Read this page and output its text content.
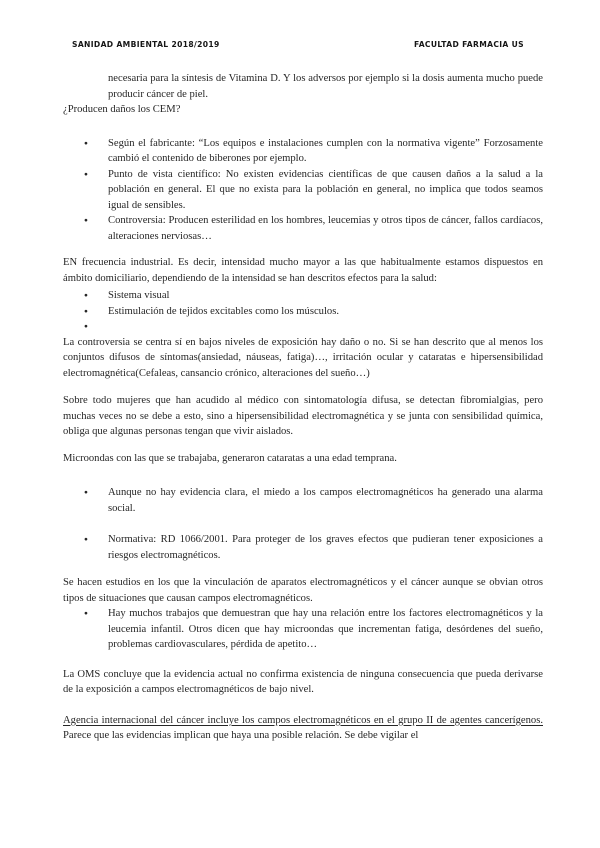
SANIDAD AMBIENTAL 2018/2019	FACULTAD FARMACIA US

necesaria para la síntesis de Vitamina D. Y los adversos por ejemplo si la dosis aumenta mucho puede producir cáncer de piel.

¿Producen daños los CEM?

● Según el fabricante: “Los equipos e instalaciones cumplen con la normativa vigente” Forzosamente cambió el contenido de biberones por ejemplo.
● Punto de vista científico: No existen evidencias científicas de que causen daños a la salud a la población en general. El que no exista para la población en general, no implica que todos seamos igual de sensibles.
● Controversia: Producen esterilidad en los hombres, leucemias y otros tipos de cáncer, fallos cardíacos, alteraciones nerviosas…

EN frecuencia industrial. Es decir, intensidad mucho mayor a las que habitualmente estamos dispuestos en ámbito domiciliario, dependiendo de la intensidad se han descritos efectos para la salud:

● Sistema visual
● Estimulación de tejidos excitables como los músculos.
●

La controversia se centra sí en bajos niveles de exposición hay daño o no. Si se han descrito que al menos los conjuntos difusos de síntomas(ansiedad, náuseas, fatiga)…, irritación ocular y cataratas e hipersensibilidad electromagnética(Cefaleas, cansancio crónico, alteraciones del sueño…)

Sobre todo mujeres que han acudido al médico con sintomatología difusa, se detectan fibromialgias, pero muchas veces no se debe a esto, sino a hipersensibilidad electromagnética y se junta con sensibilidad química, obliga que algunas personas tengan que vivir aislados.

Microondas con las que se trabajaba, generaron cataratas a una edad temprana.

● Aunque no hay evidencia clara, el miedo a los campos electromagnéticos ha generado una alarma social.
● Normativa: RD 1066/2001. Para proteger de los graves efectos que pudieran tener exposiciones a riesgos electromagnéticos.

Se hacen estudios en los que la vinculación de aparatos electromagnéticos y el cáncer aunque se obvian otros tipos de situaciones que causan campos electromagnéticos.

● Hay muchos trabajos que demuestran que hay una relación entre los factores electromagnéticos y la leucemia infantil. Otros dicen que hay microondas que incrementan fatiga, desórdenes del sueño, problemas cardiovasculares, pérdida de apetito…

La OMS concluye que la evidencia actual no confirma existencia de ninguna consecuencia que pueda derivarse de la exposición a campos electromagnéticos de bajo nivel.

Agencia internacional del cáncer incluye los campos electromagnéticos en el grupo II de agentes cancerígenos. Parece que las evidencias implican que haya una posible relación. Se debe vigilar el
